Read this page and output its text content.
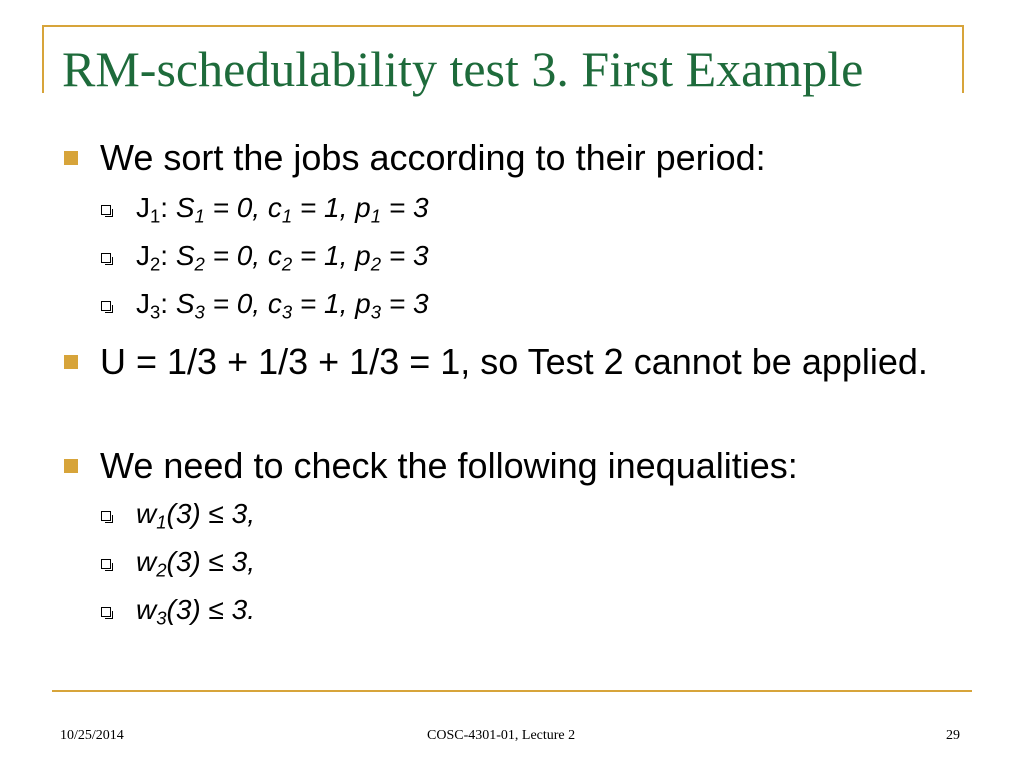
RM-schedulability test 3. First Example
We sort the jobs according to their period:
$J_1$: $S_1 = 0$, $c_1 = 1$, $p_1 = 3$
$J_2$: $S_2 = 0$, $c_2 = 1$, $p_2 = 3$
$J_3$: $S_3 = 0$, $c_3 = 1$, $p_3 = 3$
U = 1/3 + 1/3 + 1/3 = 1, so Test 2 cannot be applied.
We need to check the following inequalities:
$w_1(3) \le 3$,
$w_2(3) \le 3$,
$w_3(3) \le 3$.
10/25/2014	COSC-4301-01, Lecture 2	29
